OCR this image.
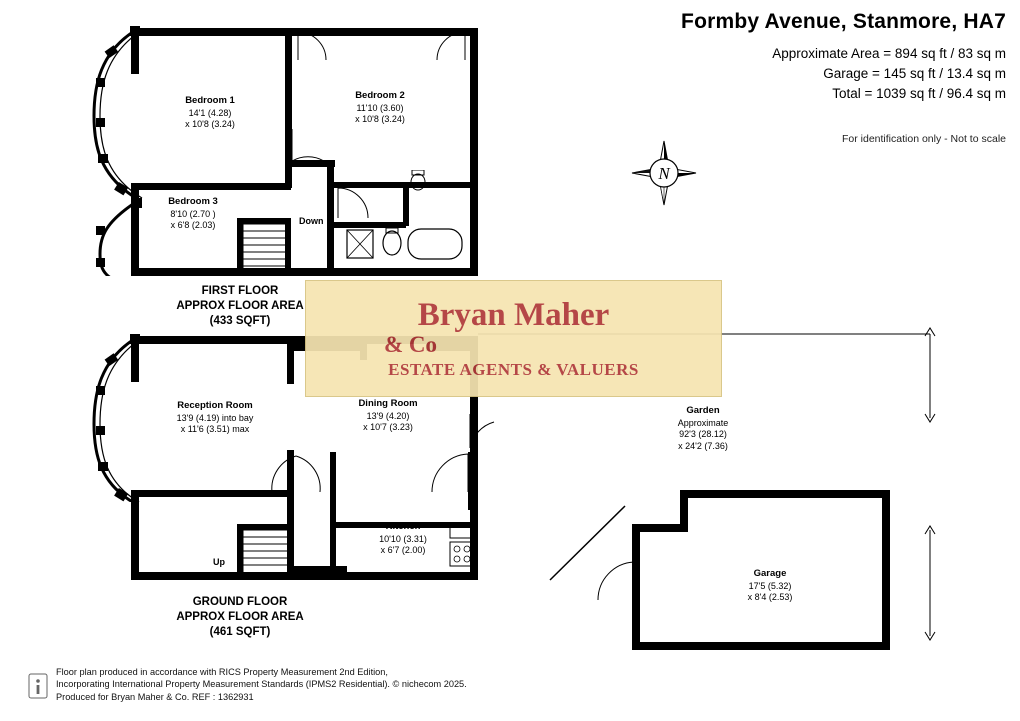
Formby Avenue, Stanmore, HA7
Approximate Area = 894 sq ft / 83 sq m
Garage = 145 sq ft / 13.4 sq m
Total = 1039 sq ft / 96.4 sq m
For identification only - Not to scale
N
Down
Bedroom 1
14'1 (4.28)
x 10'8 (3.24)
Bedroom 2
11'10 (3.60)
x 10'8 (3.24)
Bedroom 3
8'10 (2.70 )
x 6'8 (2.03)
FIRST FLOOR
APPROX FLOOR AREA
(433 SQFT)
Up
Reception Room
13'9 (4.19) into bay
x 11'6 (3.51) max
Dining Room
13'9 (4.20)
x 10'7 (3.23)
Kitchen
10'10 (3.31)
x 6'7 (2.00)
GROUND FLOOR
APPROX FLOOR AREA
(461 SQFT)
Garden
Approximate
92'3 (28.12)
x 24'2 (7.36)
Garage
17'5 (5.32)
x 8'4 (2.53)
Bryan Maher
& Co
ESTATE AGENTS & VALUERS
Floor plan produced in accordance with RICS Property Measurement 2nd Edition,
Incorporating International Property Measurement Standards (IPMS2 Residential). © nichecom 2025.
Produced for Bryan Maher & Co. REF : 1362931
